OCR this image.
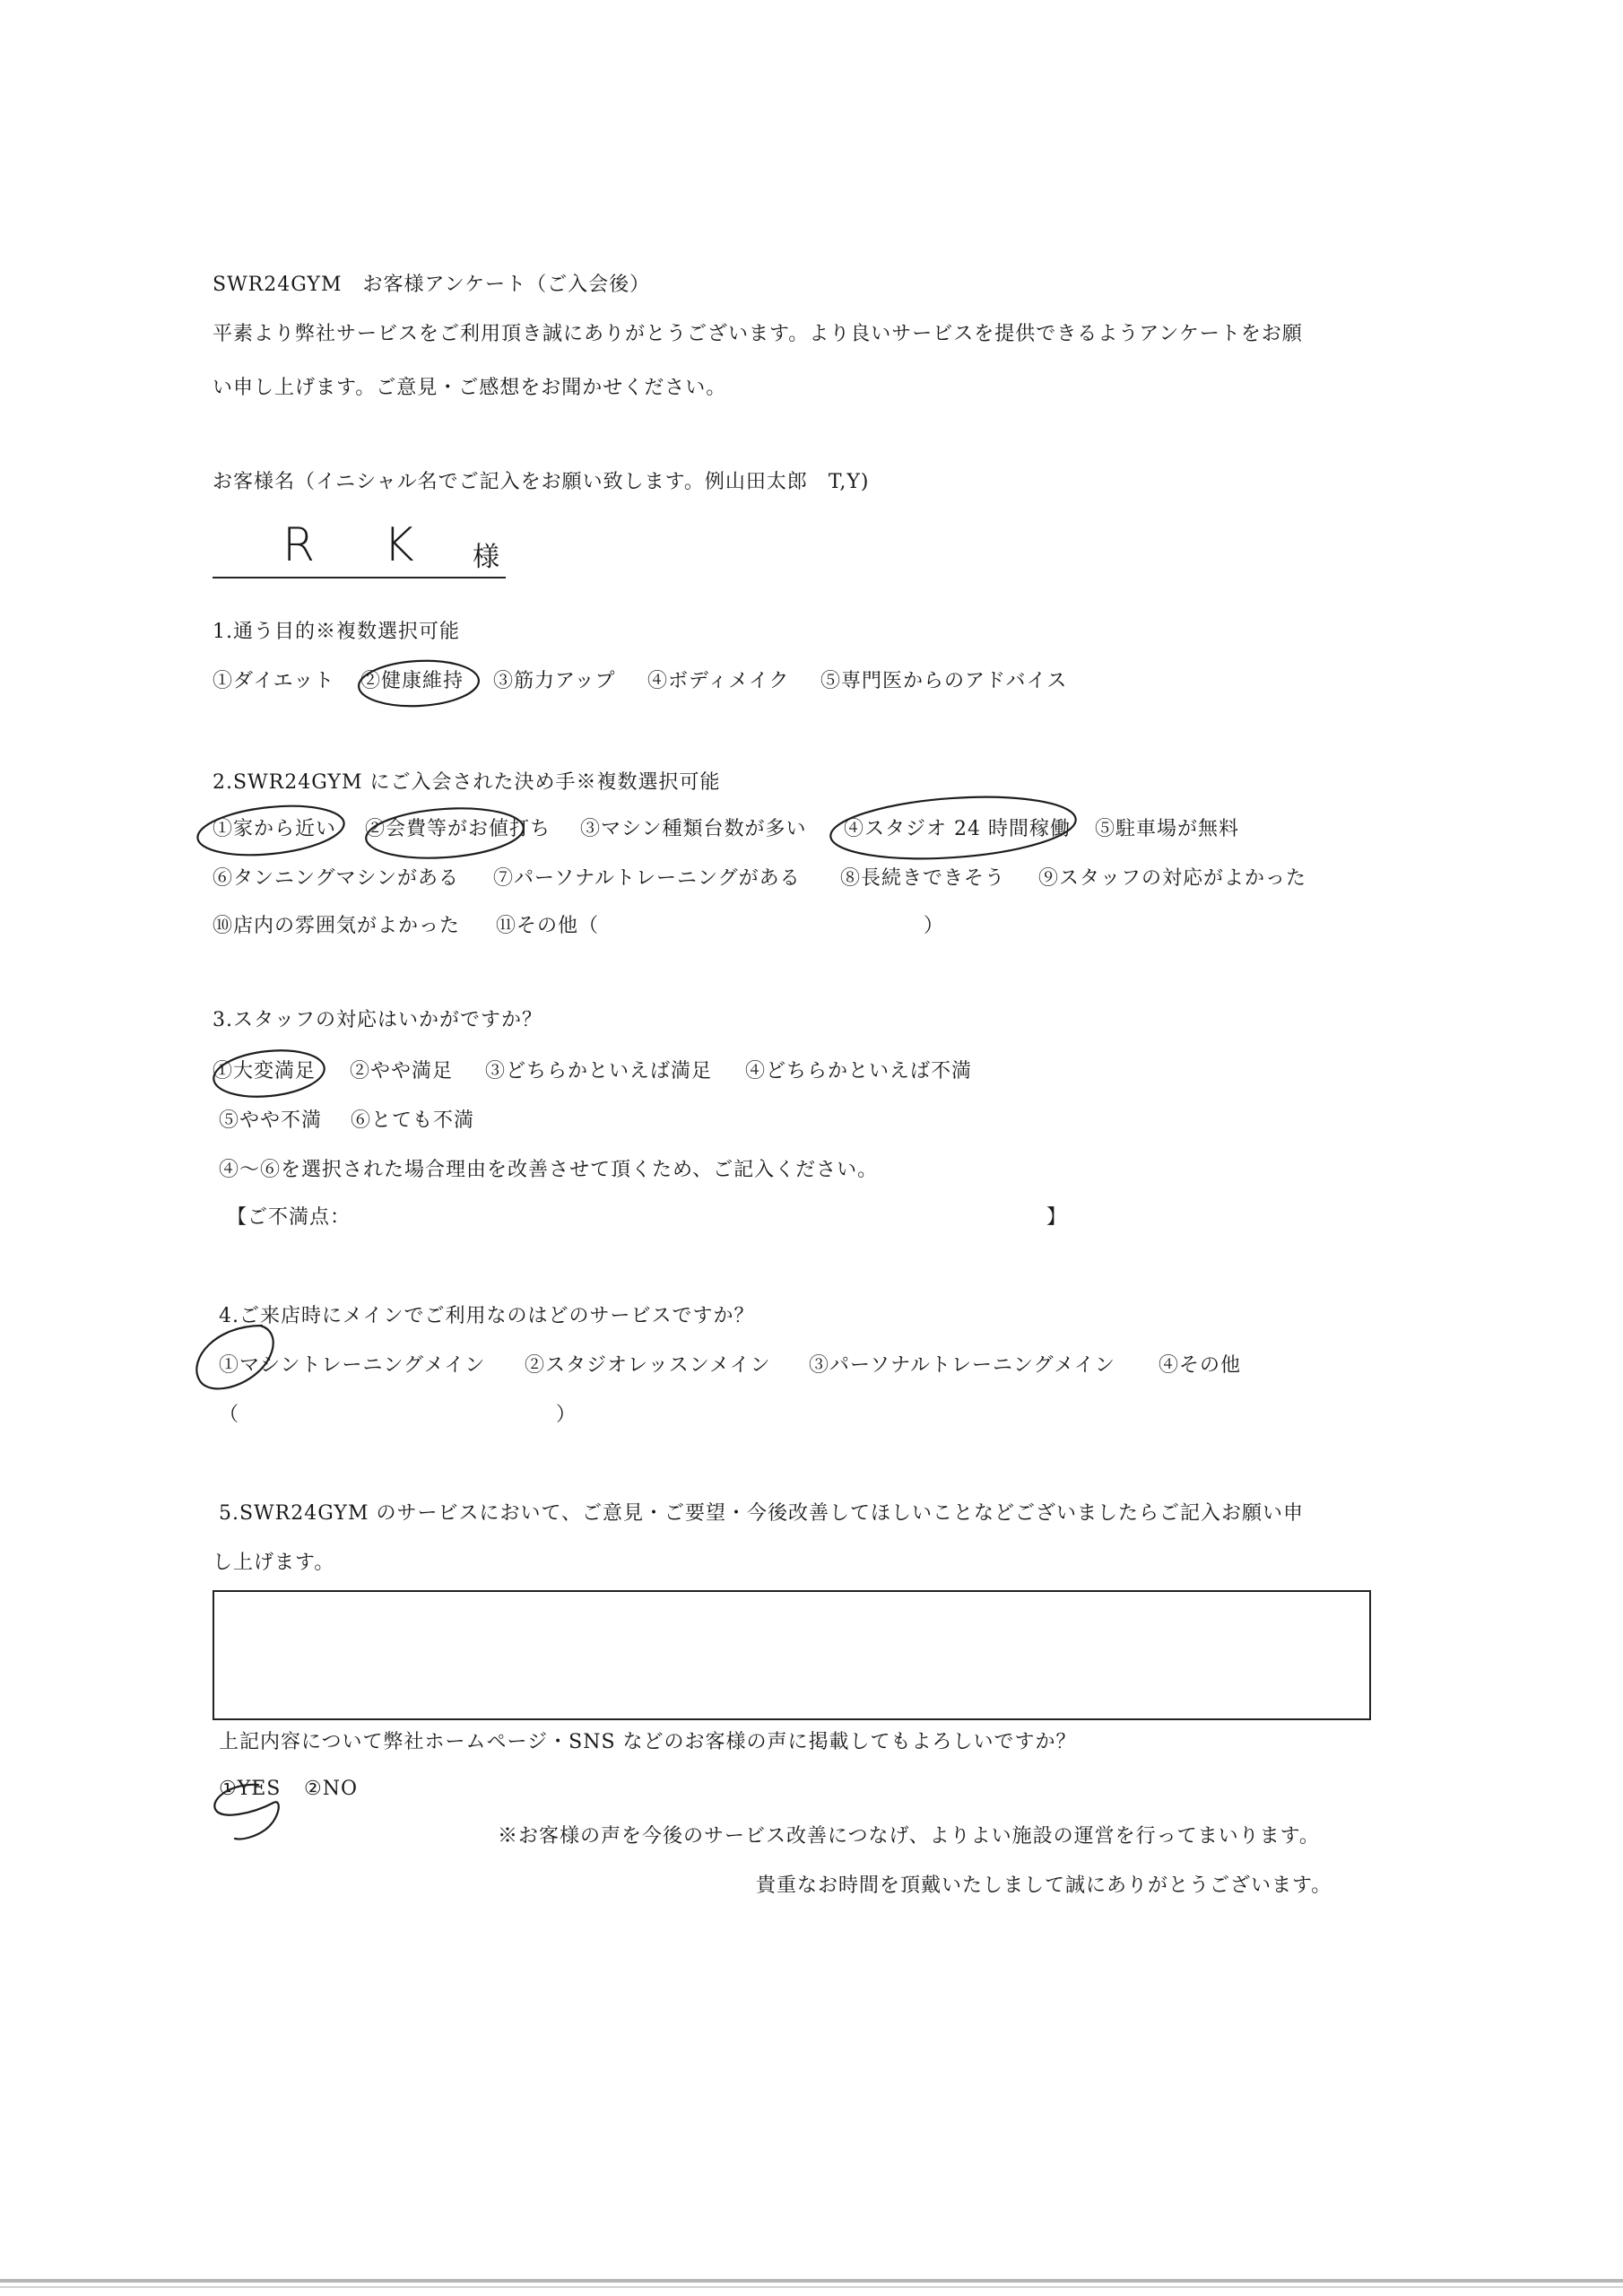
SWR24GYM　お客様アンケート（ご入会後）
平素より弊社サービスをご利用頂き誠にありがとうございます。より良いサービスを提供できるようアンケートをお願
い申し上げます。ご意見・ご感想をお聞かせください。
お客様名（イニシャル名でご記入をお願い致します。例山田太郎　T,Y)
R K 様
1.通う目的※複数選択可能
①ダイエット ②健康維持 ③筋力アップ ④ボディメイク ⑤専門医からのアドバイス
2.SWR24GYM にご入会された決め手※複数選択可能
①家から近い ②会費等がお値打ち ③マシン種類台数が多い ④スタジオ 24 時間稼働 ⑤駐車場が無料
⑥タンニングマシンがある ⑦パーソナルトレーニングがある ⑧長続きできそう ⑨スタッフの対応がよかった
⑩店内の雰囲気がよかった ⑪その他（	）
3.スタッフの対応はいかがですか？
①大変満足 ②やや満足 ③どちらかといえば満足 ④どちらかといえば不満
⑤やや不満 ⑥とても不満
④～⑥を選択された場合理由を改善させて頂くため、ご記入ください。
【ご不満点：	】
4.ご来店時にメインでご利用なのはどのサービスですか？
①マシントレーニングメイン ②スタジオレッスンメイン ③パーソナルトレーニングメイン ④その他
（	）
5.SWR24GYM のサービスにおいて、ご意見・ご要望・今後改善してほしいことなどございましたらご記入お願い申
し上げます。
上記内容について弊社ホームページ・SNS などのお客様の声に掲載してもよろしいですか？
①YES ②NO
※お客様の声を今後のサービス改善につなげ、よりよい施設の運営を行ってまいります。
貴重なお時間を頂戴いたしまして誠にありがとうございます。
